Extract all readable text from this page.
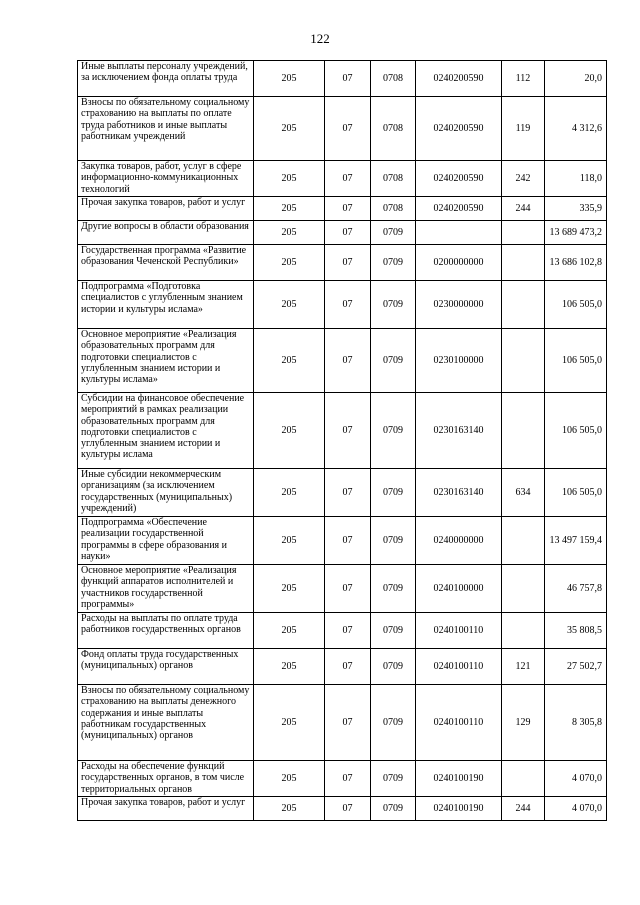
122
Иные выплаты персоналу учреждений, за исключением фонда оплаты труда	205	07	0708	0240200590	112	20,0
Взносы по обязательному социальному страхованию на выплаты по оплате труда работников и иные выплаты работникам учреждений	205	07	0708	0240200590	119	4 312,6
Закупка товаров, работ, услуг в сфере информационно-коммуникационных технологий	205	07	0708	0240200590	242	118,0
Прочая закупка товаров, работ и услуг	205	07	0708	0240200590	244	335,9
Другие вопросы в области образования	205	07	0709			13 689 473,2
Государственная программа «Развитие образования Чеченской Республики»	205	07	0709	0200000000		13 686 102,8
Подпрограмма «Подготовка специалистов с углубленным знанием истории и культуры ислама»	205	07	0709	0230000000		106 505,0
Основное мероприятие «Реализация образовательных программ для подготовки специалистов с углубленным знанием истории и культуры ислама»	205	07	0709	0230100000		106 505,0
Субсидии на финансовое обеспечение мероприятий в рамках реализации образовательных программ для подготовки специалистов с углубленным знанием истории и культуры ислама	205	07	0709	0230163140		106 505,0
Иные субсидии некоммерческим организациям (за исключением государственных (муниципальных) учреждений)	205	07	0709	0230163140	634	106 505,0
Подпрограмма «Обеспечение реализации государственной программы в сфере образования и науки»	205	07	0709	0240000000		13 497 159,4
Основное мероприятие «Реализация функций аппаратов исполнителей и участников государственной программы»	205	07	0709	0240100000		46 757,8
Расходы на выплаты по оплате труда работников государственных органов	205	07	0709	0240100110		35 808,5
Фонд оплаты труда государственных (муниципальных) органов	205	07	0709	0240100110	121	27 502,7
Взносы по обязательному социальному страхованию на выплаты денежного содержания и иные выплаты работникам государственных (муниципальных) органов	205	07	0709	0240100110	129	8 305,8
Расходы на обеспечение функций государственных органов, в том числе территориальных органов	205	07	0709	0240100190		4 070,0
Прочая закупка товаров, работ и услуг	205	07	0709	0240100190	244	4 070,0
